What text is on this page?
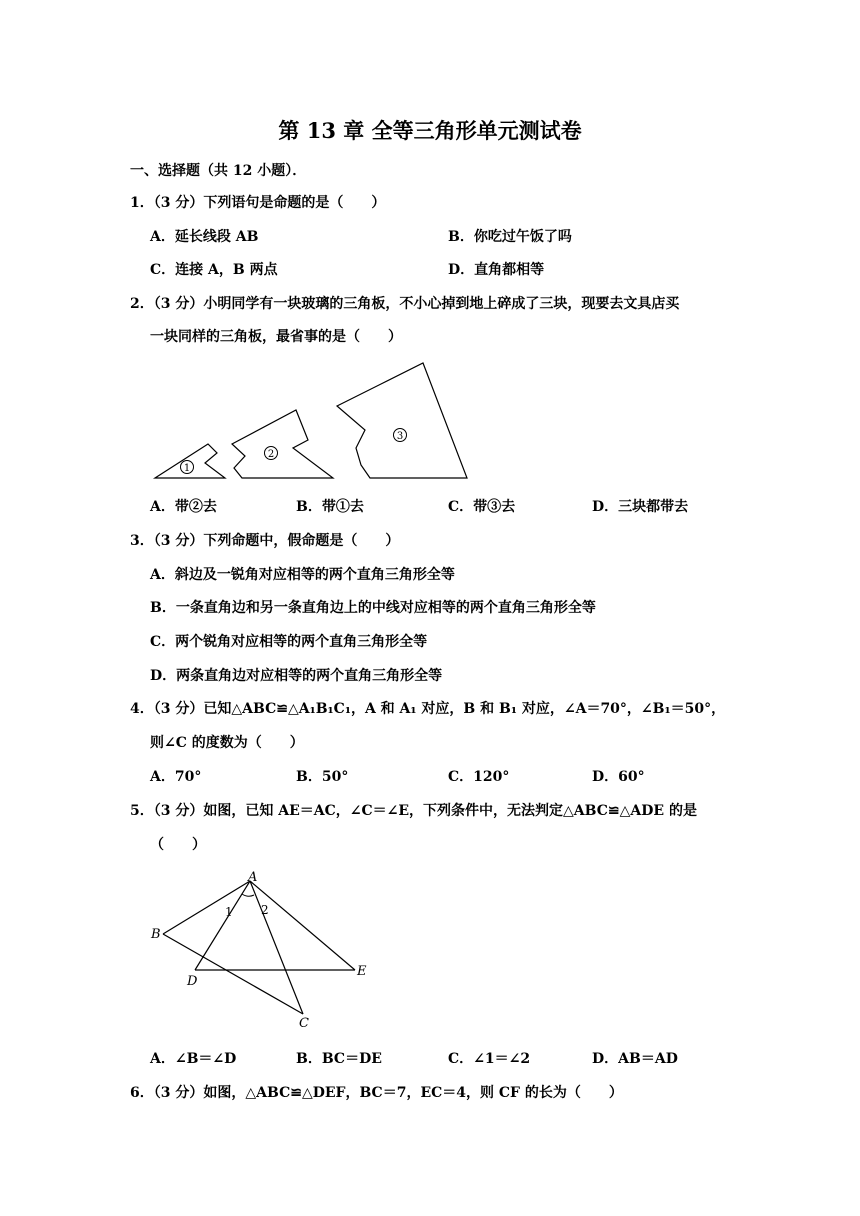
第 13 章 全等三角形单元测试卷
一、选择题（共 12 小题）．
1．（3 分）下列语句是命题的是（　　）
A．延长线段 AB	B．你吃过午饭了吗
C．连接 A，B 两点	D．直角都相等
2．（3 分）小明同学有一块玻璃的三角板，不小心掉到地上碎成了三块，现要去文具店买
一块同样的三角板，最省事的是（　　）
1
2
3
A．带②去	B．带①去	C．带③去	D．三块都带去
3．（3 分）下列命题中，假命题是（　　）
A．斜边及一锐角对应相等的两个直角三角形全等
B．一条直角边和另一条直角边上的中线对应相等的两个直角三角形全等
C．两个锐角对应相等的两个直角三角形全等
D．两条直角边对应相等的两个直角三角形全等
4．（3 分）已知△ABC≌△A₁B₁C₁，A 和 A₁ 对应，B 和 B₁ 对应，∠A＝70°，∠B₁＝50°，
则∠C 的度数为（　　）
A．70°	B．50°	C．120°	D．60°
5．（3 分）如图，已知 AE＝AC，∠C＝∠E，下列条件中，无法判定△ABC≌△ADE 的是
（　　）
A
B
C
D
E
1 2
A．∠B＝∠D	B．BC＝DE	C．∠1＝∠2	D．AB＝AD
6．（3 分）如图，△ABC≌△DEF，BC＝7，EC＝4，则 CF 的长为（　　）
